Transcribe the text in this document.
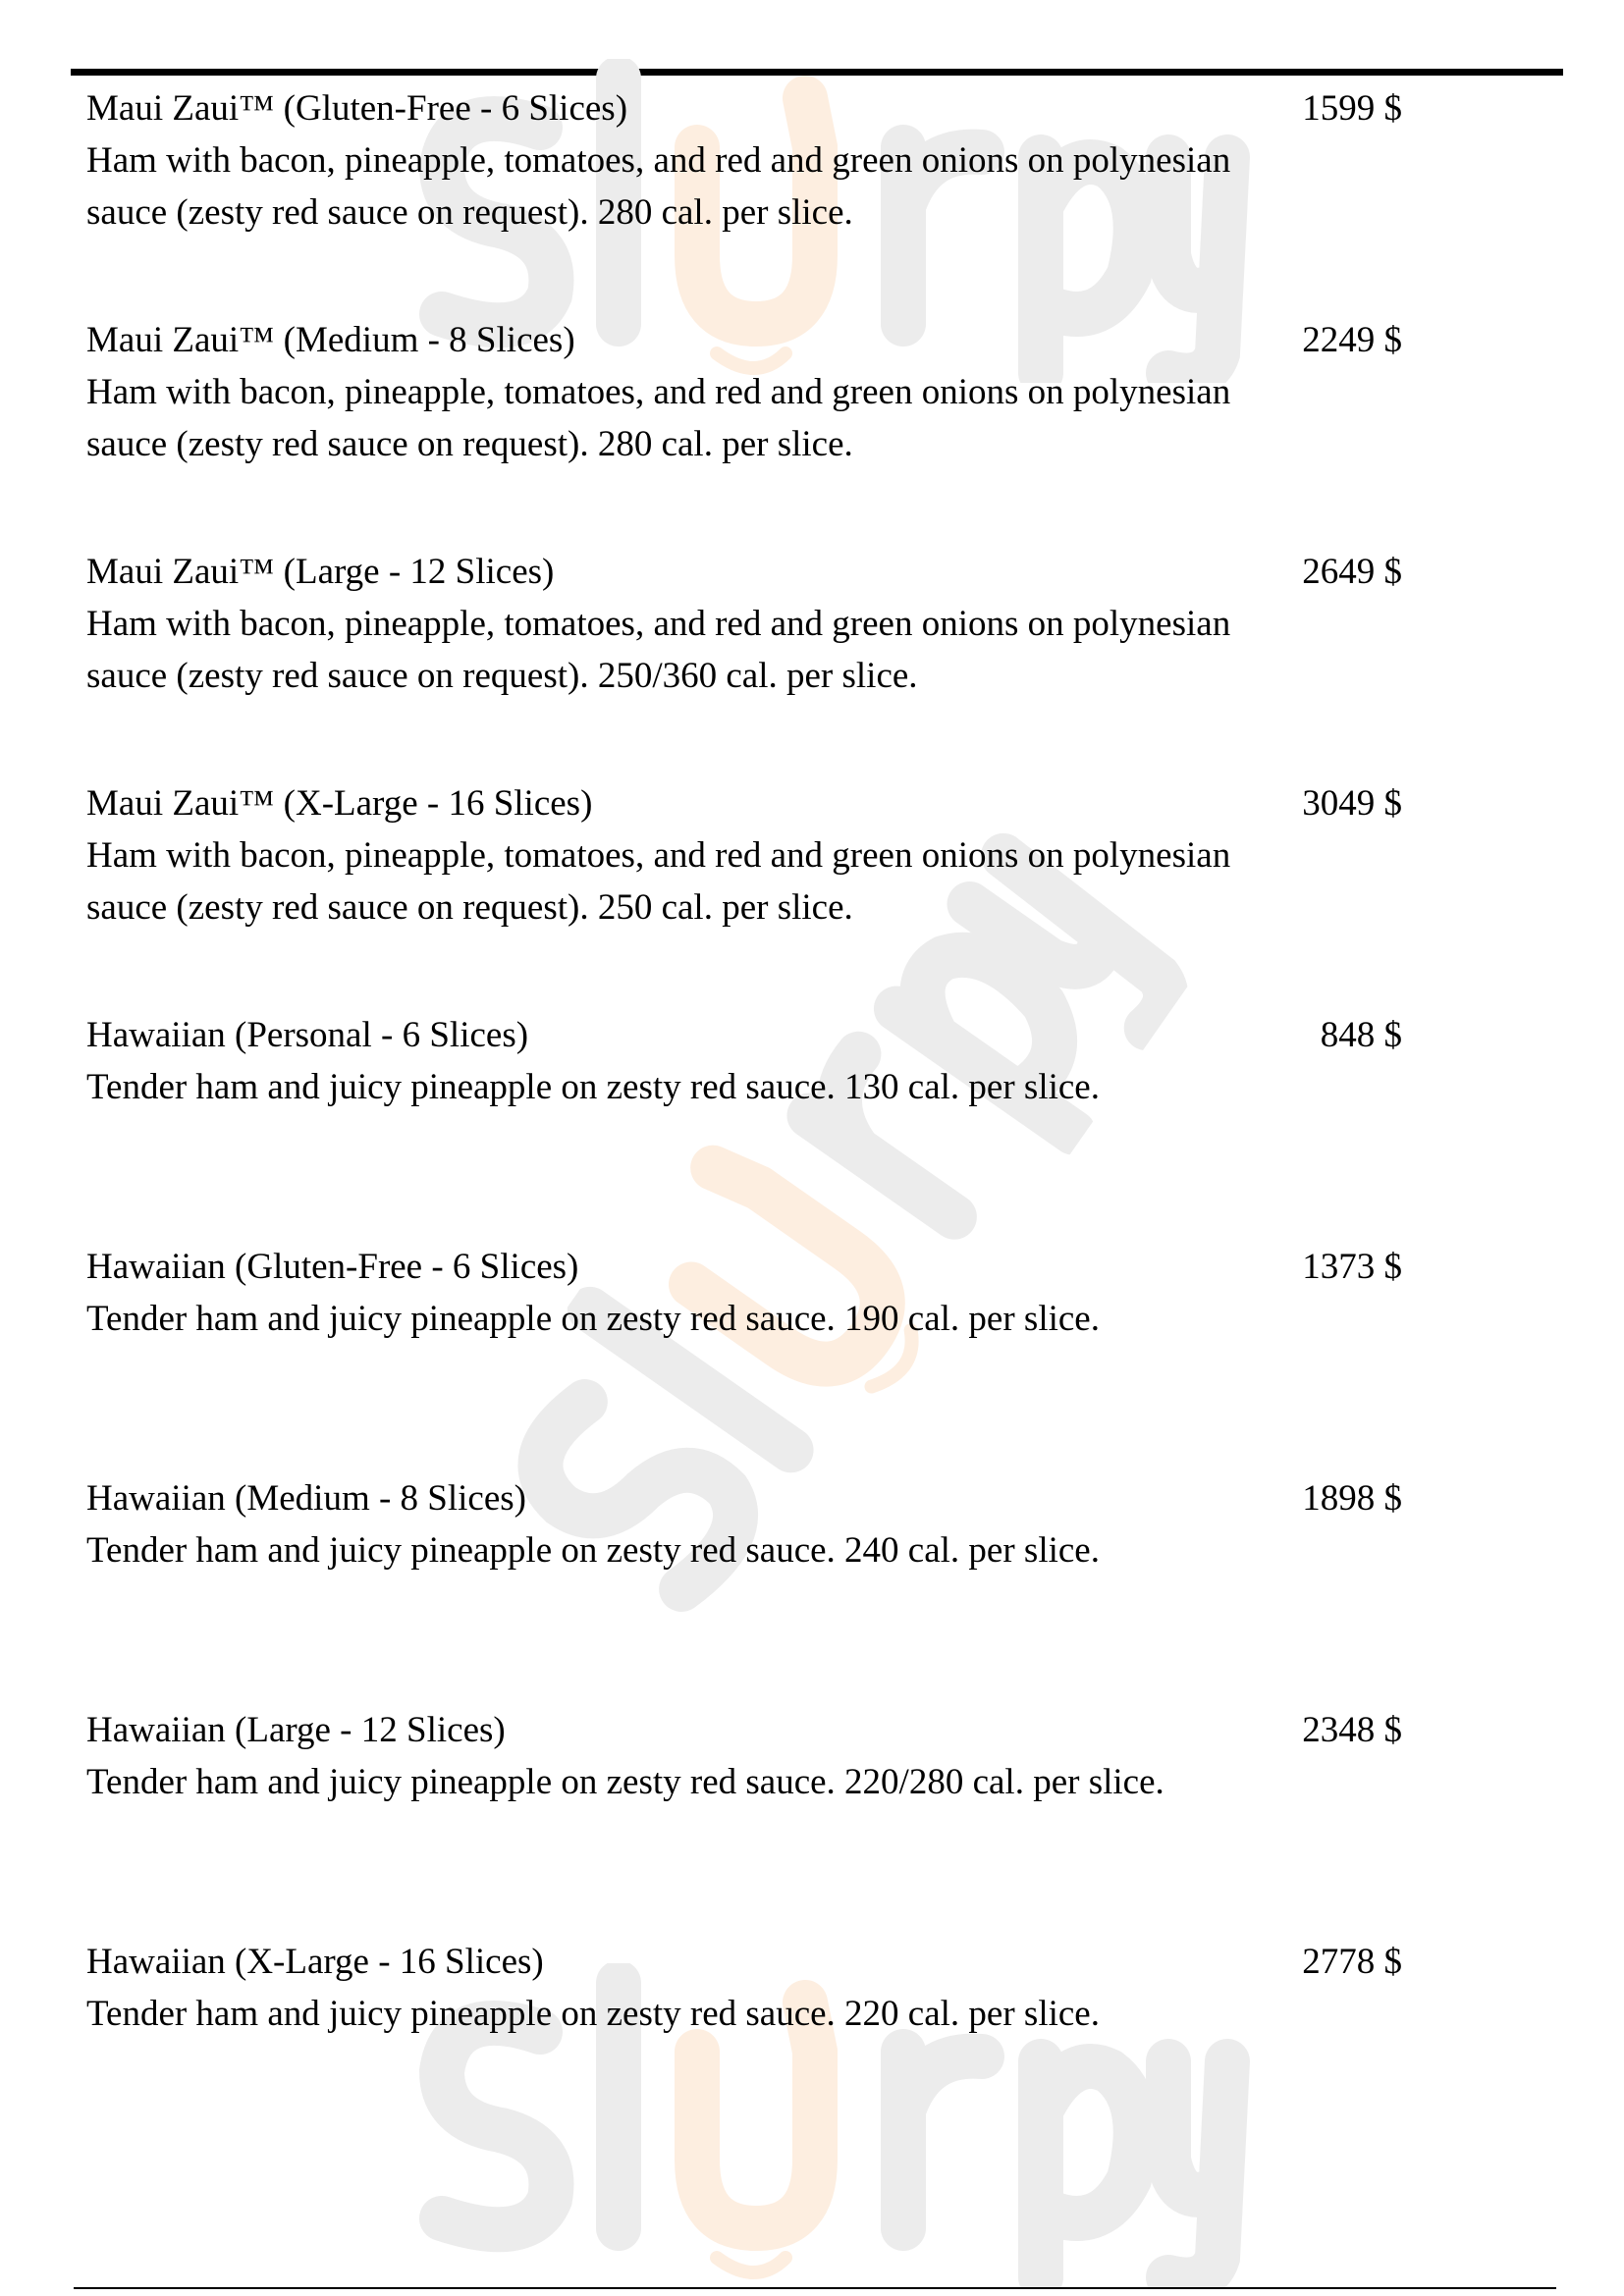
Maui Zaui™ (Gluten-Free - 6 Slices)
Ham with bacon, pineapple, tomatoes, and red and green onions on polynesian sauce (zesty red sauce on request). 280 cal. per slice.
1599 $
Maui Zaui™ (Medium - 8 Slices)
Ham with bacon, pineapple, tomatoes, and red and green onions on polynesian sauce (zesty red sauce on request). 280 cal. per slice.
2249 $
Maui Zaui™ (Large - 12 Slices)
Ham with bacon, pineapple, tomatoes, and red and green onions on polynesian sauce (zesty red sauce on request). 250/360 cal. per slice.
2649 $
Maui Zaui™ (X-Large - 16 Slices)
Ham with bacon, pineapple, tomatoes, and red and green onions on polynesian sauce (zesty red sauce on request). 250 cal. per slice.
3049 $
Hawaiian (Personal - 6 Slices)
Tender ham and juicy pineapple on zesty red sauce. 130 cal. per slice.
848 $
Hawaiian (Gluten-Free - 6 Slices)
Tender ham and juicy pineapple on zesty red sauce. 190 cal. per slice.
1373 $
Hawaiian (Medium - 8 Slices)
Tender ham and juicy pineapple on zesty red sauce. 240 cal. per slice.
1898 $
Hawaiian (Large - 12 Slices)
Tender ham and juicy pineapple on zesty red sauce. 220/280 cal. per slice.
2348 $
Hawaiian (X-Large - 16 Slices)
Tender ham and juicy pineapple on zesty red sauce. 220 cal. per slice.
2778 $
